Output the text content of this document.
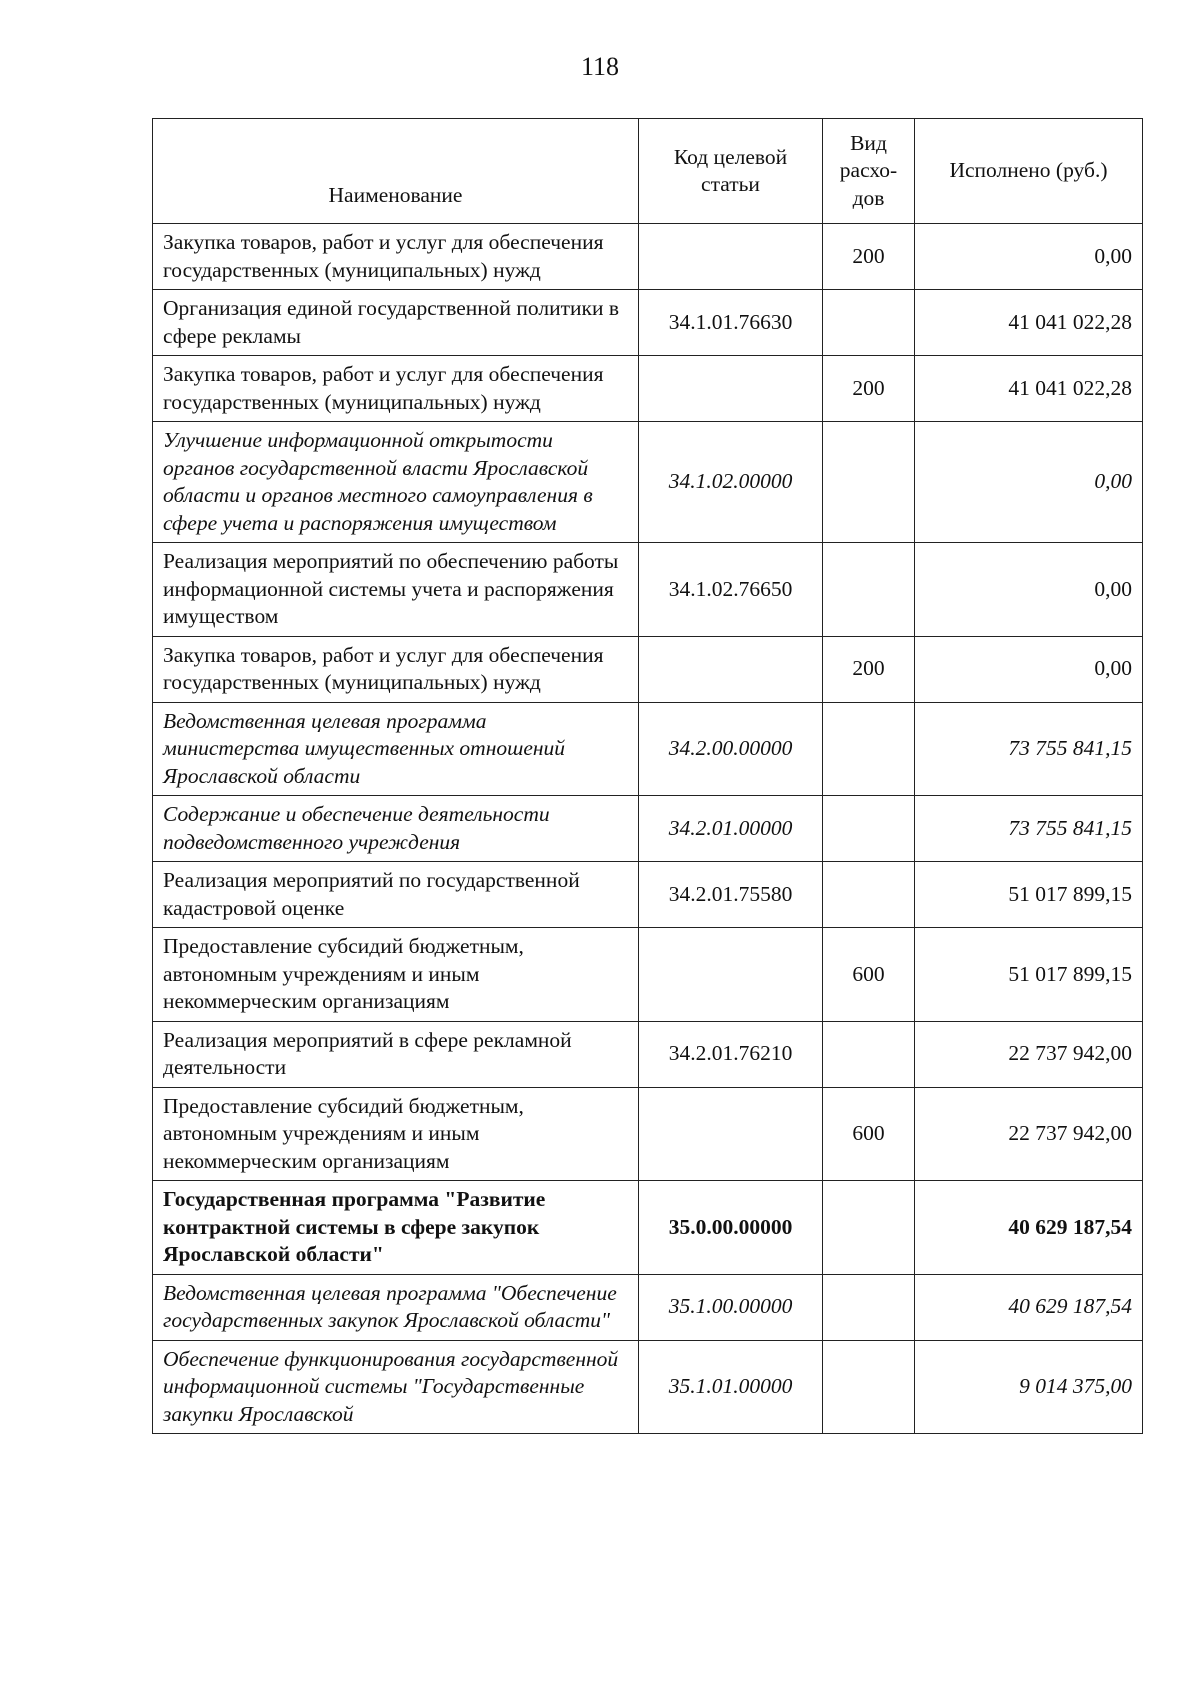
118
Наименование	Код целевой статьи	Вид расхо-дов	Исполнено (руб.)
Закупка товаров, работ и услуг для обеспечения государственных (муниципальных) нужд		200	0,00
Организация единой государственной политики в сфере рекламы	34.1.01.76630		41 041 022,28
Закупка товаров, работ и услуг для обеспечения государственных (муниципальных) нужд		200	41 041 022,28
Улучшение информационной открытости органов государственной власти Ярославской области и органов местного самоуправления в сфере учета и распоряжения имуществом	34.1.02.00000		0,00
Реализация мероприятий по обеспечению работы информационной системы учета и распоряжения имуществом	34.1.02.76650		0,00
Закупка товаров, работ и услуг для обеспечения государственных (муниципальных) нужд		200	0,00
Ведомственная целевая программа министерства имущественных отношений Ярославской области	34.2.00.00000		73 755 841,15
Содержание и обеспечение деятельности подведомственного учреждения	34.2.01.00000		73 755 841,15
Реализация мероприятий по государственной кадастровой оценке	34.2.01.75580		51 017 899,15
Предоставление субсидий бюджетным, автономным учреждениям и иным некоммерческим организациям		600	51 017 899,15
Реализация мероприятий в сфере рекламной деятельности	34.2.01.76210		22 737 942,00
Предоставление субсидий бюджетным, автономным учреждениям и иным некоммерческим организациям		600	22 737 942,00
Государственная программа "Развитие контрактной системы в сфере закупок Ярославской области"	35.0.00.00000		40 629 187,54
Ведомственная целевая программа "Обеспечение государственных закупок Ярославской области"	35.1.00.00000		40 629 187,54
Обеспечение функционирования государственной информационной системы "Государственные закупки Ярославской	35.1.01.00000		9 014 375,00
